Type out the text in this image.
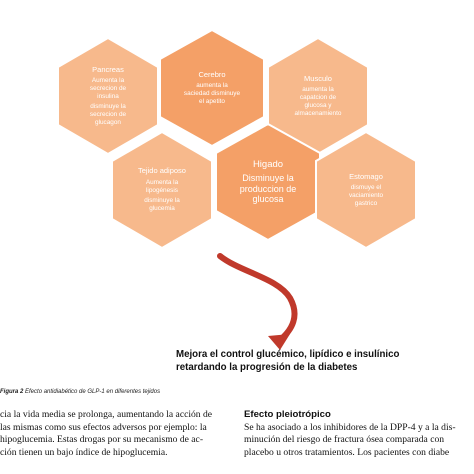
Pancreas
Aumenta la
secrecion de
insulina
disminuye la
secrecion de
glucagon
Cerebro
aumenta la
saciedad disminuye
el apetito
Musculo
aumenta la
capatcion de
glucosa y
almacenamiento
Tejido adiposo
Aumenta la
lipogénesis
disminuye la
glucemia
Higado
Disminuye la
produccion de
glucosa
Estomago
dismuye el
vaciamiento
gastrico

Mejora el control glucémico, lipídico e insulínico
retardando la progresión de la diabetes

Figura 2 Efecto antidiabético de GLP-1 en diferentes tejidos

cia la vida media se prolonga, aumentando la acción de

las mismas como sus efectos adversos por ejemplo: la

hipoglucemia. Estas drogas por su mecanismo de ac-

ción tienen un bajo índice de hipoglucemia.

Efecto pleiotrópico

Se ha asociado a los inhibidores de la DPP-4 y a la dis-

minución del riesgo de fractura ósea comparada con

placebo u otros tratamientos. Los pacientes con diabe
